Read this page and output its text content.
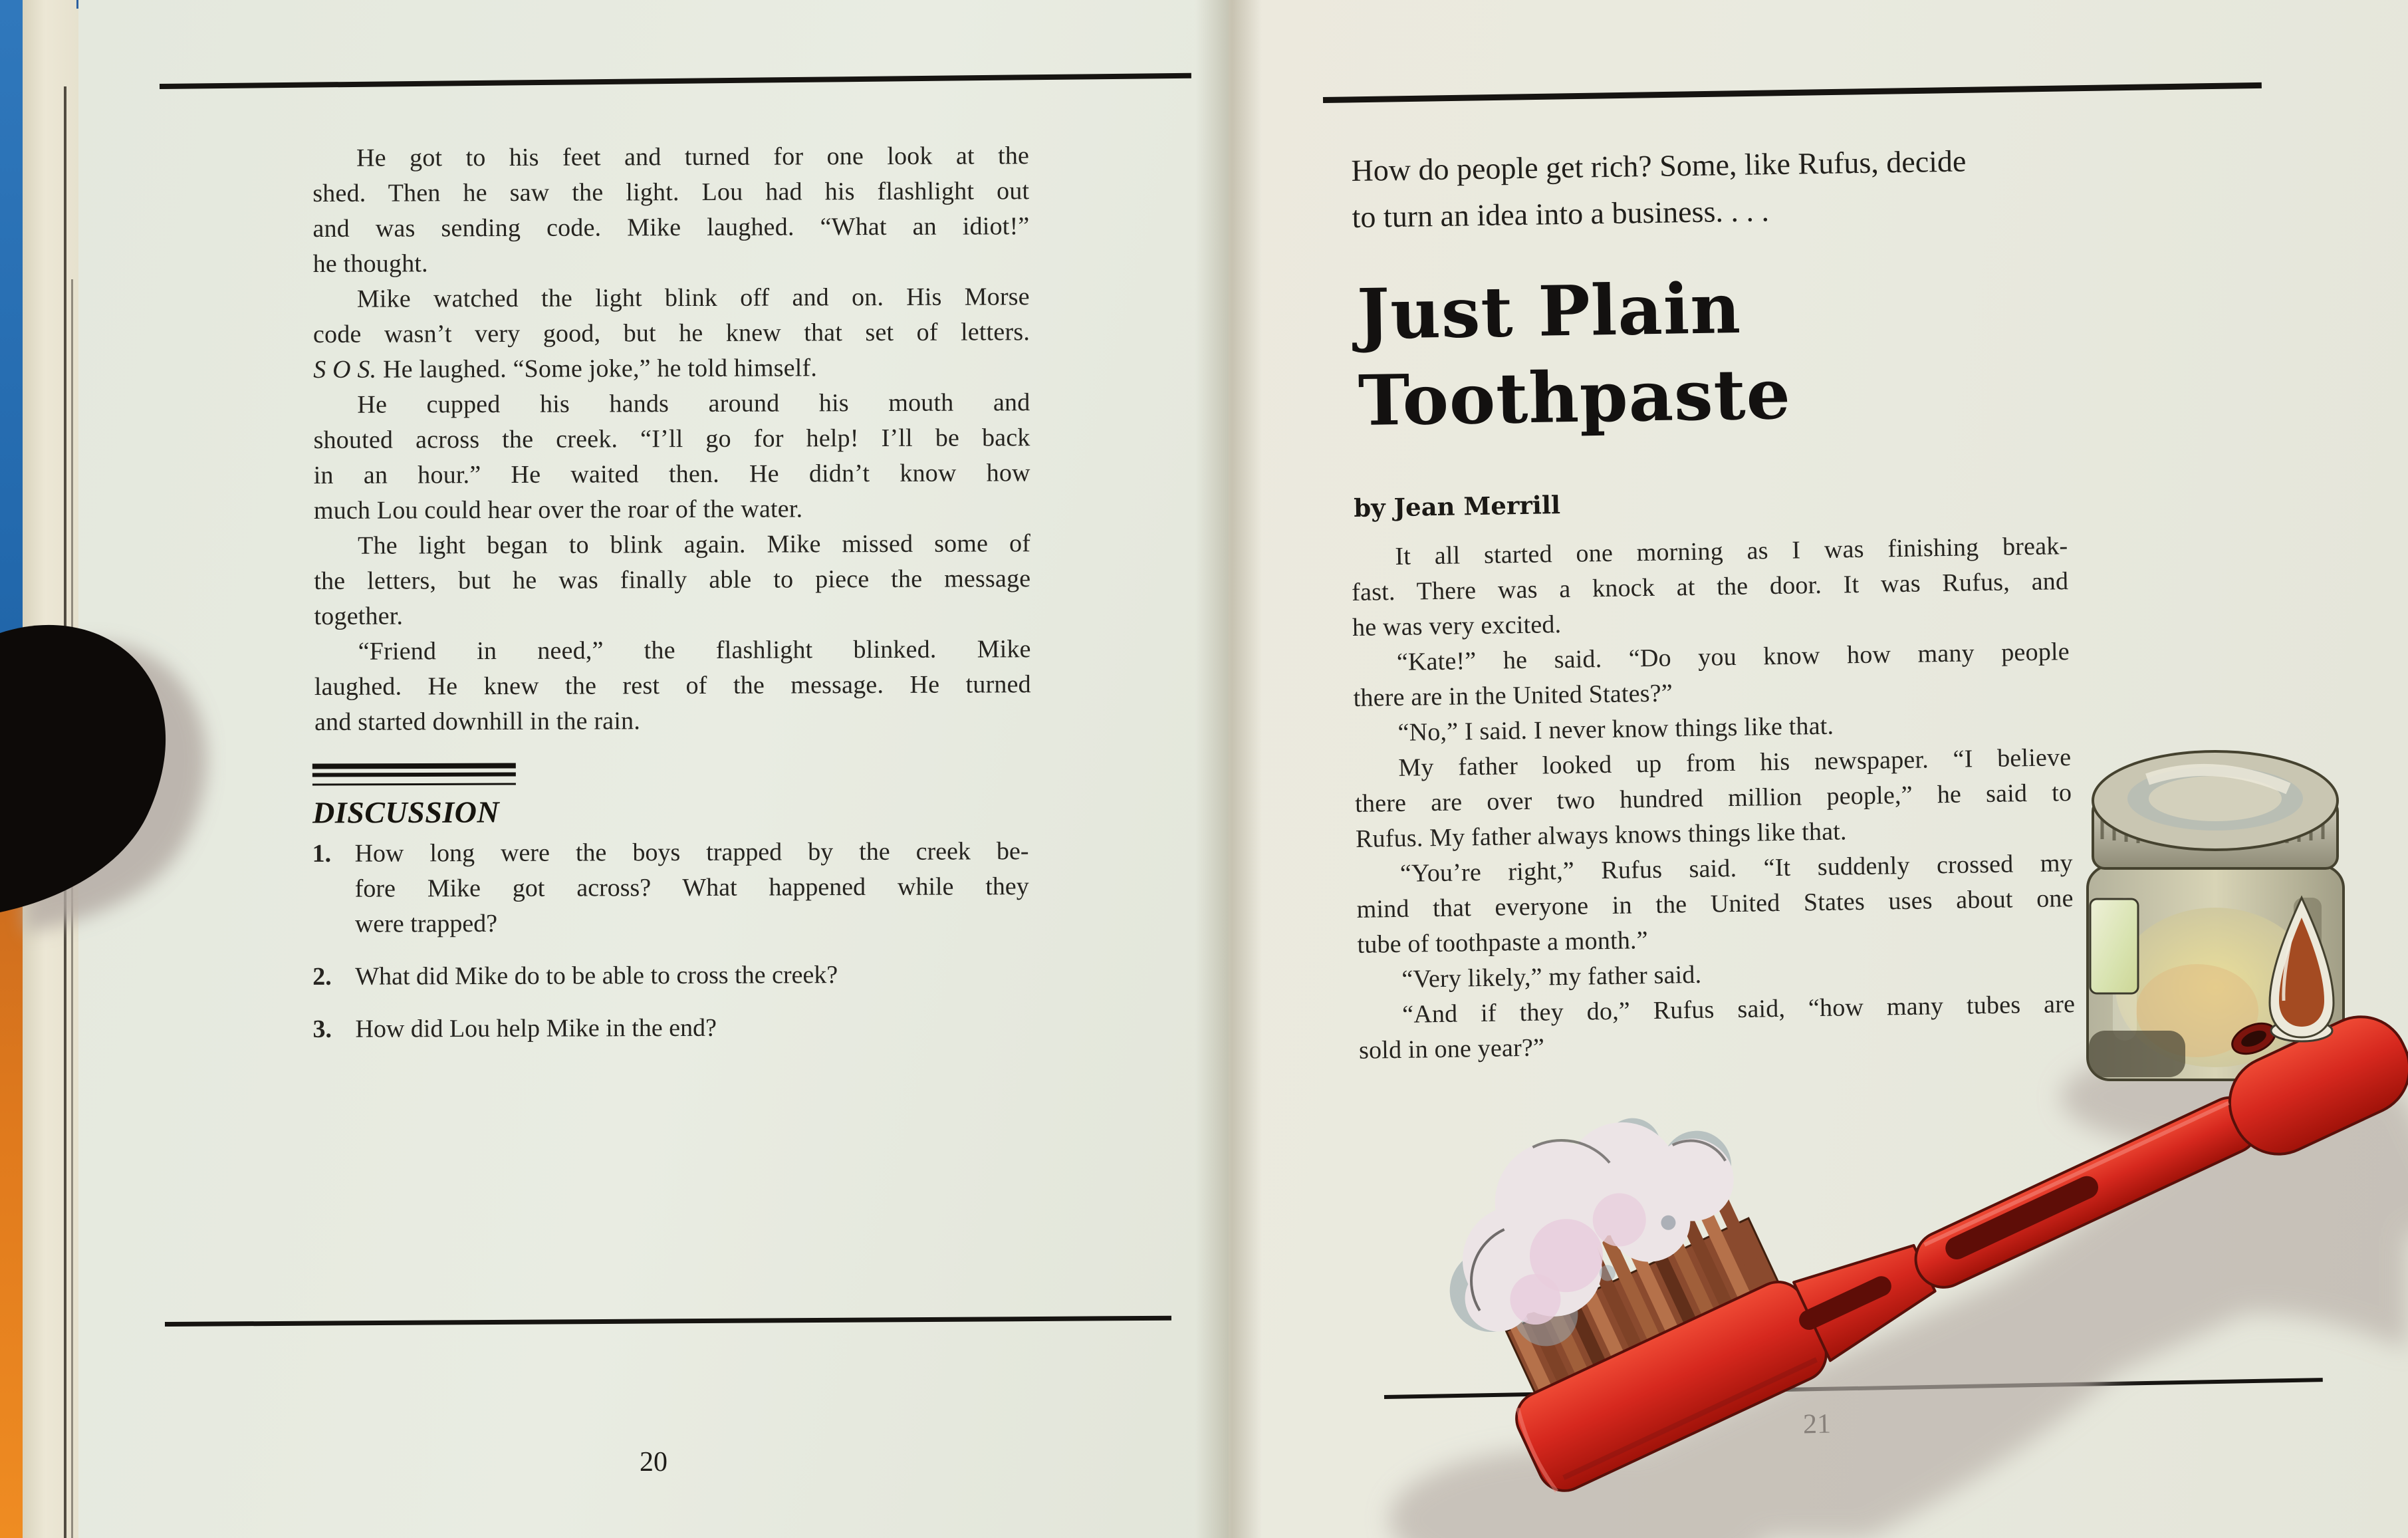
He got to his feet and turned for one look at the
shed. Then he saw the light. Lou had his flashlight out
and was sending code. Mike laughed. “What an idiot!”
he thought.
Mike watched the light blink off and on. His Morse
code wasn’t very good, but he knew that set of letters.
S O S. He laughed. “Some joke,” he told himself.
He cupped his hands around his mouth and
shouted across the creek. “I’ll go for help! I’ll be back
in an hour.” He waited then. He didn’t know how
much Lou could hear over the roar of the water.
The light began to blink again. Mike missed some of
the letters, but he was finally able to piece the message
together.
“Friend in need,” the flashlight blinked. Mike
laughed. He knew the rest of the message. He turned
and started downhill in the rain.
DISCUSSION
1. How long were the boys trapped by the creek be-
fore Mike got across? What happened while they
were trapped?
2. What did Mike do to be able to cross the creek?
3. How did Lou help Mike in the end?
20
How do people get rich? Some, like Rufus, decide
to turn an idea into a business. . . .
Just Plain
Toothpaste
by Jean Merrill
It all started one morning as I was finishing break-
fast. There was a knock at the door. It was Rufus, and
he was very excited.
“Kate!” he said. “Do you know how many people
there are in the United States?”
“No,” I said. I never know things like that.
My father looked up from his newspaper. “I believe
there are over two hundred million people,” he said to
Rufus. My father always knows things like that.
“You’re right,” Rufus said. “It suddenly crossed my
mind that everyone in the United States uses about one
tube of toothpaste a month.”
“Very likely,” my father said.
“And if they do,” Rufus said, “how many tubes are
sold in one year?”
